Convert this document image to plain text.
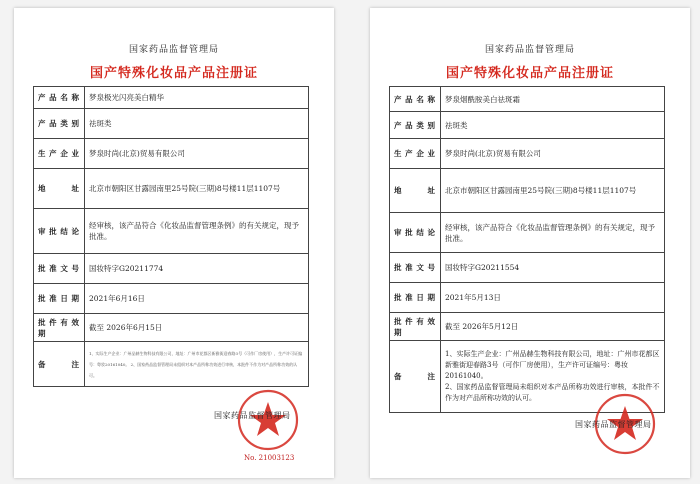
国家药品监督管理局
国产特殊化妆品产品注册证
产品名称	梦泉极光闪亮美白精华
产品类别	祛斑类
生产企业	梦泉时尚(北京)贸易有限公司
地址	北京市朝阳区甘露园南里25号院(三期)8号楼11层1107号
审批结论	经审核，该产品符合《化妆品监督管理条例》的有关规定，现予批准。
批准文号	国妆特字G20211774
批准日期	2021年6月16日
批件有效期	截至 2026年6月15日
备注	1、实际生产企业：广州品赫生物科技有限公司，地址：广州市花都区新雅街迎春路3号（可作厂房使用），生产许可证编号：粤妆20161040。 2、国家药品监督管理局未组织对本产品所称功效进行审核，本批件不作为对产品所称功效的认可。
国家药品监督管理局
No. 21003123
国家药品监督管理局
国产特殊化妆品产品注册证
产品名称	梦泉烟酰胺美白祛斑霜
产品类别	祛斑类
生产企业	梦泉时尚(北京)贸易有限公司
地址	北京市朝阳区甘露园南里25号院(三期)8号楼11层1107号
审批结论	经审核，该产品符合《化妆品监督管理条例》的有关规定，现予批准。
批准文号	国妆特字G20211554
批准日期	2021年5月13日
批件有效期	截至 2026年5月12日
备注	1、实际生产企业：广州品赫生物科技有限公司，地址：广州市花都区新雅街迎春路3号（可作厂房使用），生产许可证编号：粤妆20161040。
2、国家药品监督管理局未组织对本产品所称功效进行审核，本批件不作为对产品所称功效的认可。
国家药品监督管理局
